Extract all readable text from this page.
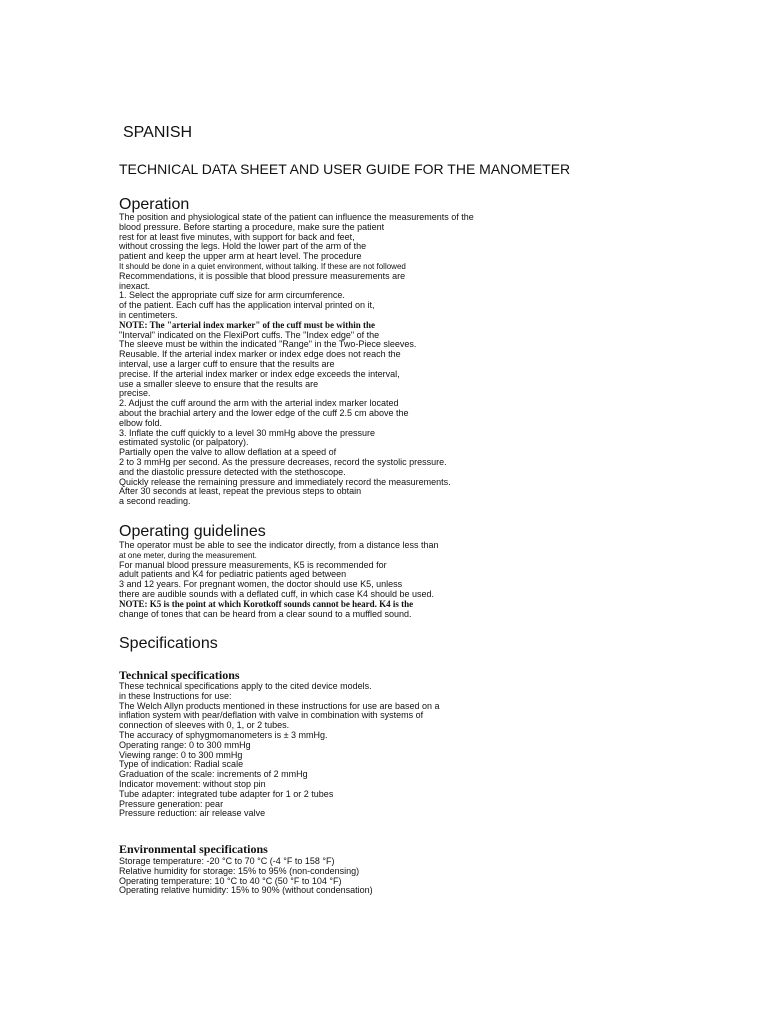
SPANISH
TECHNICAL DATA SHEET AND USER GUIDE FOR THE MANOMETER
Operation
The position and physiological state of the patient can influence the measurements of the
blood pressure. Before starting a procedure, make sure the patient
rest for at least five minutes, with support for back and feet,
without crossing the legs. Hold the lower part of the arm of the
patient and keep the upper arm at heart level. The procedure
It should be done in a quiet environment, without talking. If these are not followed
Recommendations, it is possible that blood pressure measurements are
inexact.
1. Select the appropriate cuff size for arm circumference.
of the patient. Each cuff has the application interval printed on it,
in centimeters.
NOTE: The "arterial index marker" of the cuff must be within the
"Interval" indicated on the FlexiPort cuffs. The "Index edge" of the
The sleeve must be within the indicated "Range" in the Two-Piece sleeves.
Reusable. If the arterial index marker or index edge does not reach the
interval, use a larger cuff to ensure that the results are
precise. If the arterial index marker or index edge exceeds the interval,
use a smaller sleeve to ensure that the results are
precise.
2. Adjust the cuff around the arm with the arterial index marker located
about the brachial artery and the lower edge of the cuff 2.5 cm above the
elbow fold.
3. Inflate the cuff quickly to a level 30 mmHg above the pressure
estimated systolic (or palpatory).
Partially open the valve to allow deflation at a speed of
2 to 3 mmHg per second. As the pressure decreases, record the systolic pressure.
and the diastolic pressure detected with the stethoscope.
Quickly release the remaining pressure and immediately record the measurements.
After 30 seconds at least, repeat the previous steps to obtain
a second reading.
Operating guidelines
The operator must be able to see the indicator directly, from a distance less than
at one meter, during the measurement.
For manual blood pressure measurements, K5 is recommended for
adult patients and K4 for pediatric patients aged between
3 and 12 years. For pregnant women, the doctor should use K5, unless
there are audible sounds with a deflated cuff, in which case K4 should be used.
NOTE: K5 is the point at which Korotkoff sounds cannot be heard. K4 is the
change of tones that can be heard from a clear sound to a muffled sound.
Specifications
Technical specifications
These technical specifications apply to the cited device models.
in these Instructions for use:
The Welch Allyn products mentioned in these instructions for use are based on a
inflation system with pear/deflation with valve in combination with systems of
connection of sleeves with 0, 1, or 2 tubes.
The accuracy of sphygmomanometers is ± 3 mmHg.
Operating range: 0 to 300 mmHg
Viewing range: 0 to 300 mmHg
Type of indication: Radial scale
Graduation of the scale: increments of 2 mmHg
Indicator movement: without stop pin
Tube adapter: integrated tube adapter for 1 or 2 tubes
Pressure generation: pear
Pressure reduction: air release valve
Environmental specifications
Storage temperature: -20 °C to 70 °C (-4 °F to 158 °F)
Relative humidity for storage: 15% to 95% (non-condensing)
Operating temperature: 10 °C to 40 °C (50 °F to 104 °F)
Operating relative humidity: 15% to 90% (without condensation)
